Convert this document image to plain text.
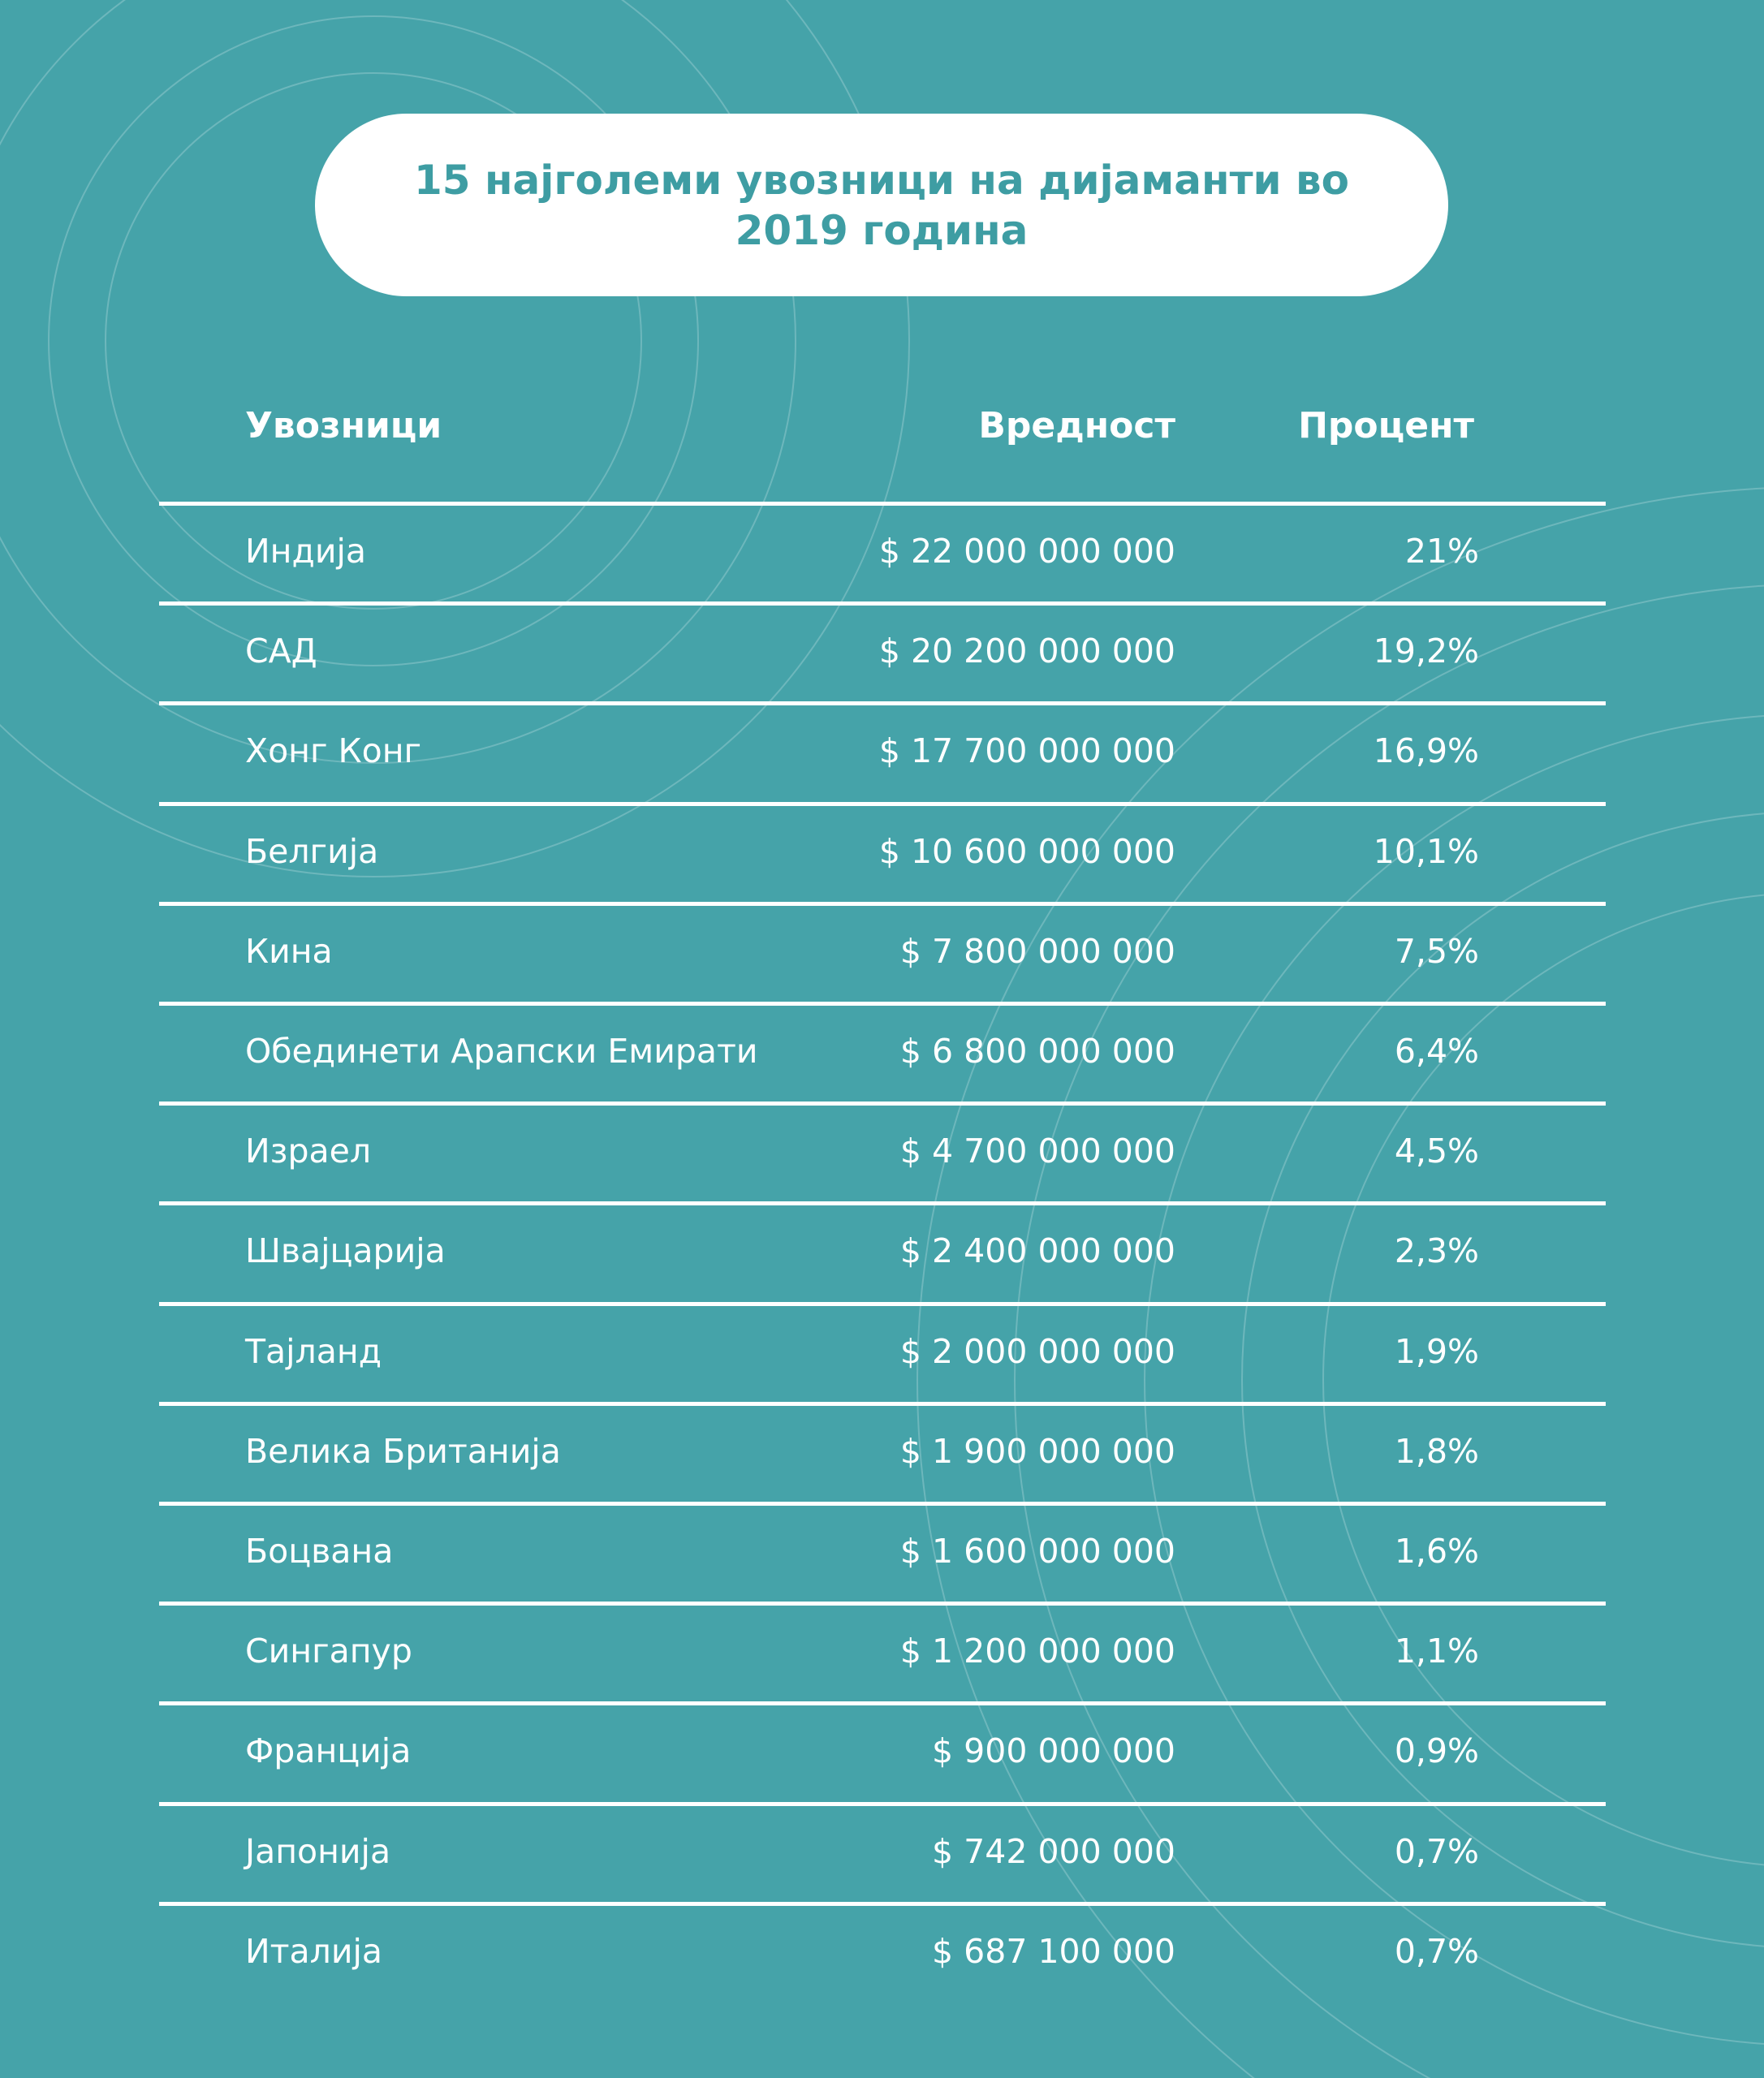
15 најголеми увозници на дијаманти во 2019 година
Увозници	Вредност	Процент
Индија	$ 22 000 000 000	21%
САД	$ 20 200 000 000	19,2%
Хонг Конг	$ 17 700 000 000	16,9%
Белгија	$ 10 600 000 000	10,1%
Кина	$ 7 800 000 000	7,5%
Обединети Арапски Емирати	$ 6 800 000 000	6,4%
Израел	$ 4 700 000 000	4,5%
Швајцарија	$ 2 400 000 000	2,3%
Тајланд	$ 2 000 000 000	1,9%
Велика Британија	$ 1 900 000 000	1,8%
Боцвана	$ 1 600 000 000	1,6%
Сингапур	$ 1 200 000 000	1,1%
Франција	$ 900 000 000	0,9%
Јапонија	$ 742 000 000	0,7%
Италија	$ 687 100 000	0,7%
